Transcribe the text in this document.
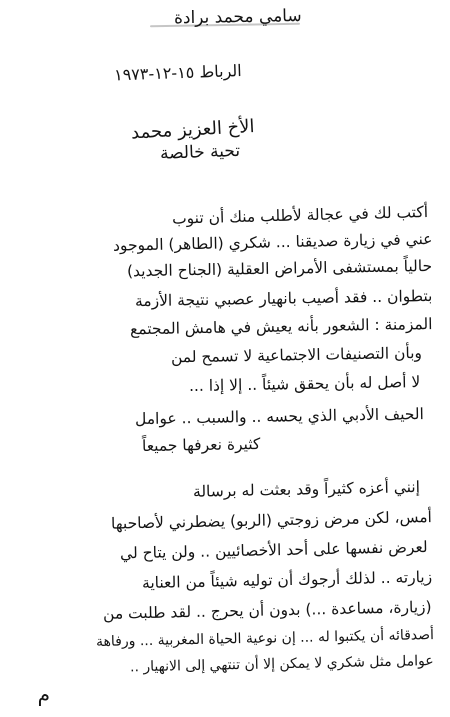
سامي محمد برادة
الرباط ١٥-١٢-١٩٧٣
الأخ العزيز محمد
تحية خالصة
أكتب لك في عجالة لأطلب منك أن تنوب
عني في زيارة صديقنا ... شكري (الطاهر) الموجود
حالياً بمستشفى الأمراض العقلية (الجناح الجديد)
بتطوان .. فقد أصيب بانهيار عصبي نتيجة الأزمة
المزمنة : الشعور بأنه يعيش في هامش المجتمع
وبأن التصنيفات الاجتماعية لا تسمح لمن
لا أصل له بأن يحقق شيئاً .. إلا إذا ...
الحيف الأدبي الذي يحسه .. والسبب .. عوامل
كثيرة نعرفها جميعاً
إنني أعزه كثيراً وقد بعثت له برسالة
أمس، لكن مرض زوجتي (الربو) يضطرني لأصاحبها
لعرض نفسها على أحد الأخصائيين .. ولن يتاح لي
زيارته .. لذلك أرجوك أن توليه شيئاً من العناية
(زيارة، مساعدة ...) بدون أن يحرج .. لقد طلبت من
أصدقائه أن يكتبوا له ... إن نوعية الحياة المغربية ... ورفاهة
عوامل مثل شكري لا يمكن إلا أن تنتهي إلى الانهيار ..
م
